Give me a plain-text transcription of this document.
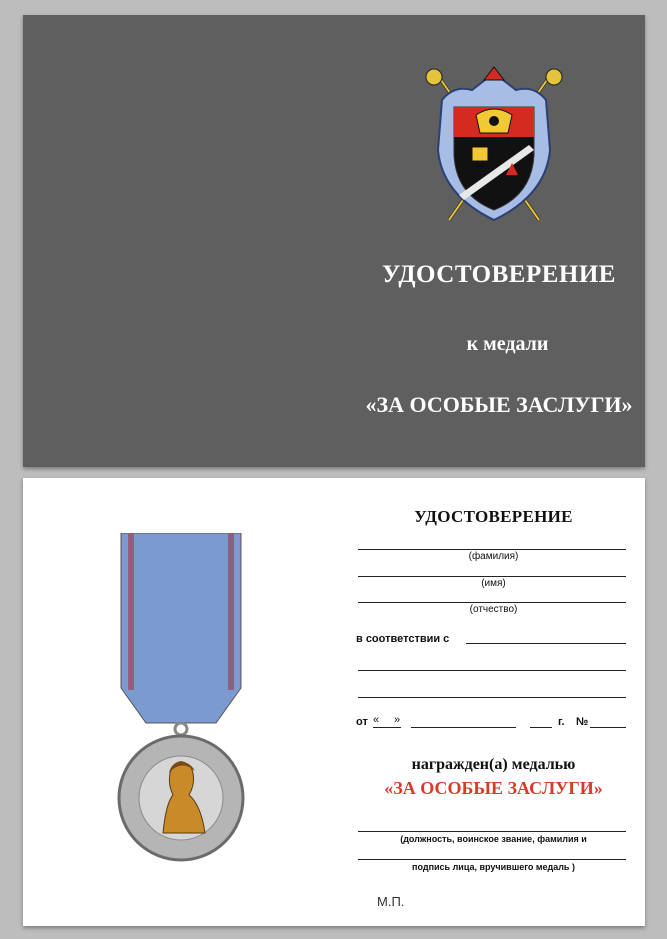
УДОСТОВЕРЕНИЕ
к медали
«ЗА ОСОБЫЕ ЗАСЛУГИ»
УДОСТОВЕРЕНИЕ
(фамилия)
(имя)
(отчество)
в соответствии с
от « »	г. №
награжден(а) медалью
«ЗА ОСОБЫЕ ЗАСЛУГИ»
(должность, воинское звание, фамилия и
подпись лица, вручившего медаль )
М.П.
